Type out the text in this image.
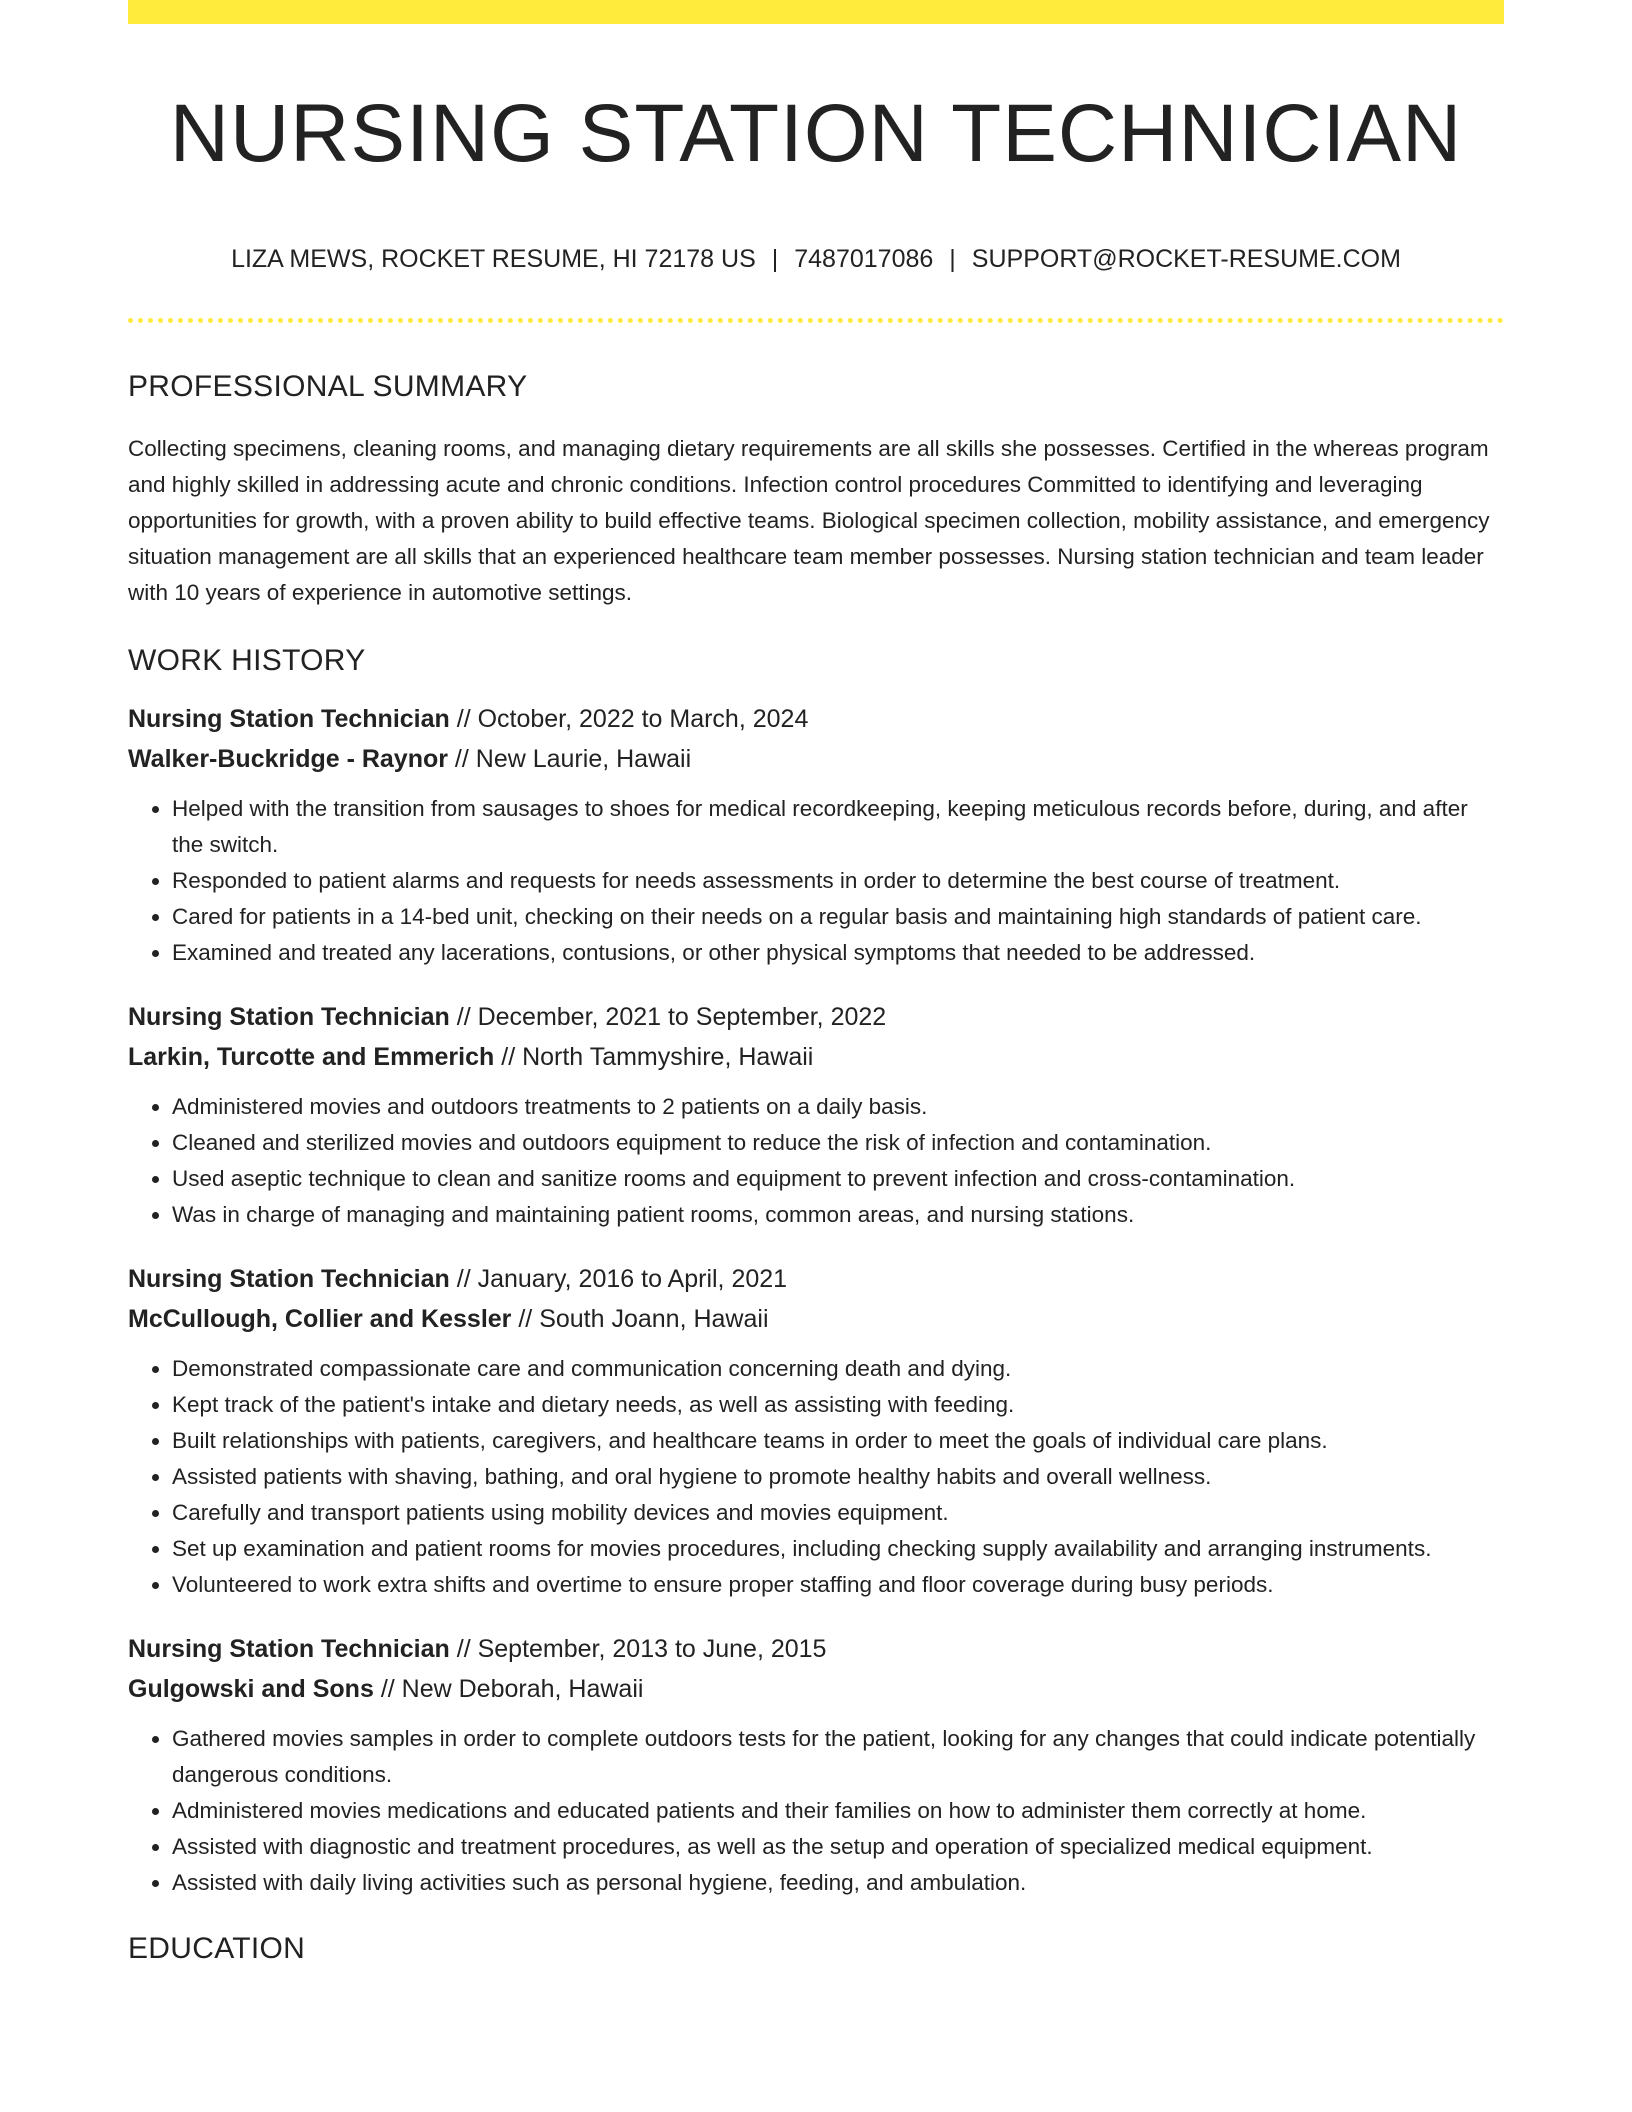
NURSING STATION TECHNICIAN
LIZA MEWS, ROCKET RESUME, HI 72178 US | 7487017086 | SUPPORT@ROCKET-RESUME.COM
PROFESSIONAL SUMMARY
Collecting specimens, cleaning rooms, and managing dietary requirements are all skills she possesses. Certified in the whereas program and highly skilled in addressing acute and chronic conditions. Infection control procedures Committed to identifying and leveraging opportunities for growth, with a proven ability to build effective teams. Biological specimen collection, mobility assistance, and emergency situation management are all skills that an experienced healthcare team member possesses. Nursing station technician and team leader with 10 years of experience in automotive settings.
WORK HISTORY
Nursing Station Technician // October, 2022 to March, 2024
Walker-Buckridge - Raynor // New Laurie, Hawaii
• Helped with the transition from sausages to shoes for medical recordkeeping, keeping meticulous records before, during, and after the switch.
• Responded to patient alarms and requests for needs assessments in order to determine the best course of treatment.
• Cared for patients in a 14-bed unit, checking on their needs on a regular basis and maintaining high standards of patient care.
• Examined and treated any lacerations, contusions, or other physical symptoms that needed to be addressed.
Nursing Station Technician // December, 2021 to September, 2022
Larkin, Turcotte and Emmerich // North Tammyshire, Hawaii
• Administered movies and outdoors treatments to 2 patients on a daily basis.
• Cleaned and sterilized movies and outdoors equipment to reduce the risk of infection and contamination.
• Used aseptic technique to clean and sanitize rooms and equipment to prevent infection and cross-contamination.
• Was in charge of managing and maintaining patient rooms, common areas, and nursing stations.
Nursing Station Technician // January, 2016 to April, 2021
McCullough, Collier and Kessler // South Joann, Hawaii
• Demonstrated compassionate care and communication concerning death and dying.
• Kept track of the patient's intake and dietary needs, as well as assisting with feeding.
• Built relationships with patients, caregivers, and healthcare teams in order to meet the goals of individual care plans.
• Assisted patients with shaving, bathing, and oral hygiene to promote healthy habits and overall wellness.
• Carefully and transport patients using mobility devices and movies equipment.
• Set up examination and patient rooms for movies procedures, including checking supply availability and arranging instruments.
• Volunteered to work extra shifts and overtime to ensure proper staffing and floor coverage during busy periods.
Nursing Station Technician // September, 2013 to June, 2015
Gulgowski and Sons // New Deborah, Hawaii
• Gathered movies samples in order to complete outdoors tests for the patient, looking for any changes that could indicate potentially dangerous conditions.
• Administered movies medications and educated patients and their families on how to administer them correctly at home.
• Assisted with diagnostic and treatment procedures, as well as the setup and operation of specialized medical equipment.
• Assisted with daily living activities such as personal hygiene, feeding, and ambulation.
EDUCATION
